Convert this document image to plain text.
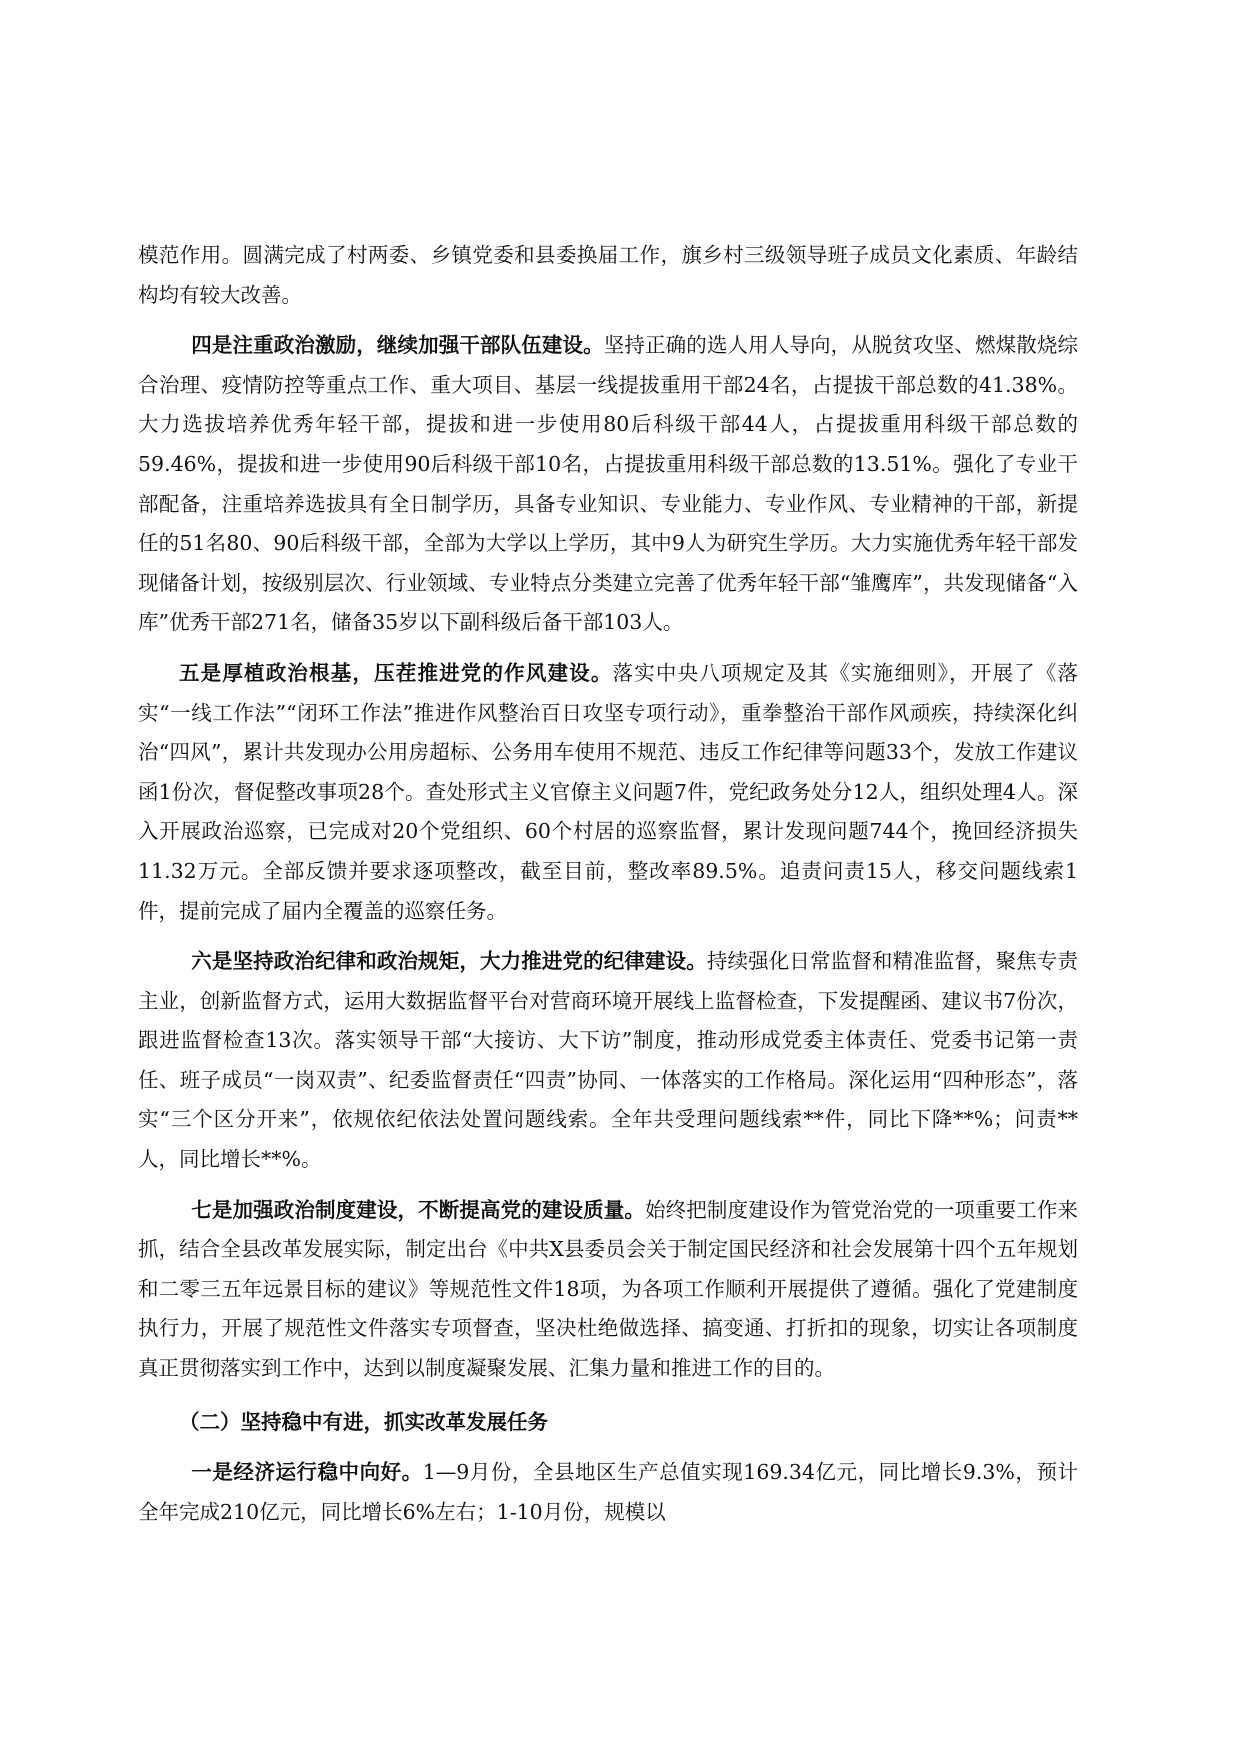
模范作用。圆满完成了村两委、乡镇党委和县委换届工作，旗乡村三级领导班子成员文化素质、年龄结构均有较大改善。

四是注重政治激励，继续加强干部队伍建设。坚持正确的选人用人导向，从脱贫攻坚、燃煤散烧综合治理、疫情防控等重点工作、重大项目、基层一线提拔重用干部24名，占提拔干部总数的41.38%。大力选拔培养优秀年轻干部，提拔和进一步使用80后科级干部44人，占提拔重用科级干部总数的59.46%，提拔和进一步使用90后科级干部10名，占提拔重用科级干部总数的13.51%。强化了专业干部配备，注重培养选拔具有全日制学历，具备专业知识、专业能力、专业作风、专业精神的干部，新提任的51名80、90后科级干部，全部为大学以上学历，其中9人为研究生学历。大力实施优秀年轻干部发现储备计划，按级别层次、行业领域、专业特点分类建立完善了优秀年轻干部“雏鹰库”，共发现储备“入库”优秀干部271名，储备35岁以下副科级后备干部103人。

五是厚植政治根基，压茬推进党的作风建设。落实中央八项规定及其《实施细则》，开展了《落实“一线工作法”“闭环工作法”推进作风整治百日攻坚专项行动》，重拳整治干部作风顽疾，持续深化纠治“四风”，累计共发现办公用房超标、公务用车使用不规范、违反工作纪律等问题33个，发放工作建议函1份次，督促整改事项28个。查处形式主义官僚主义问题7件，党纪政务处分12人，组织处理4人。深入开展政治巡察，已完成对20个党组织、60个村居的巡察监督，累计发现问题744个，挽回经济损失11.32万元。全部反馈并要求逐项整改，截至目前，整改率89.5%。追责问责15人，移交问题线索1件，提前完成了届内全覆盖的巡察任务。

六是坚持政治纪律和政治规矩，大力推进党的纪律建设。持续强化日常监督和精准监督，聚焦专责主业，创新监督方式，运用大数据监督平台对营商环境开展线上监督检查，下发提醒函、建议书7份次，跟进监督检查13次。落实领导干部“大接访、大下访”制度，推动形成党委主体责任、党委书记第一责任、班子成员“一岗双责”、纪委监督责任“四责”协同、一体落实的工作格局。深化运用“四种形态”，落实“三个区分开来”，依规依纪依法处置问题线索。全年共受理问题线索**件，同比下降**%；问责**人，同比增长**%。

七是加强政治制度建设，不断提高党的建设质量。始终把制度建设作为管党治党的一项重要工作来抓，结合全县改革发展实际，制定出台《中共X县委员会关于制定国民经济和社会发展第十四个五年规划和二零三五年远景目标的建议》等规范性文件18项，为各项工作顺利开展提供了遵循。强化了党建制度执行力，开展了规范性文件落实专项督查，坚决杜绝做选择、搞变通、打折扣的现象，切实让各项制度真正贯彻落实到工作中，达到以制度凝聚发展、汇集力量和推进工作的目的。

（二）坚持稳中有进，抓实改革发展任务

一是经济运行稳中向好。1—9月份，全县地区生产总值实现169.34亿元，同比增长9.3%，预计全年完成210亿元，同比增长6%左右；1-10月份，规模以
